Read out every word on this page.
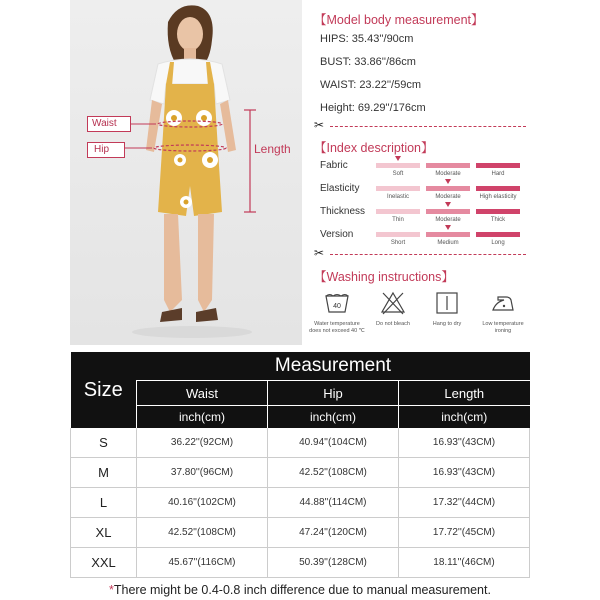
Waist
Hip	Length
【Model body measurement】
HIPS: 35.43''/90cm
BUST: 33.86''/86cm
WAIST: 23.22''/59cm
Height: 69.29''/176cm
✂
【Index description】
Fabric
Soft	Moderate	Hard
Elasticity
Inelastic	Moderate	High elasticity
Thickness
Thin	Moderate	Thick
Version
Short	Medium	Long
✂
【Washing instructions】
40
Water temperature
does not exceed 40 ℃
Do not bleach	Hang to dry	Low temperature
ironing
Size	Measurement		
	Waist	Hip	Length
	inch(cm)	inch(cm)	inch(cm)
S	36.22''(92CM)	40.94''(104CM)	16.93''(43CM)
M	37.80''(96CM)	42.52''(108CM)	16.93''(43CM)
L	40.16''(102CM)	44.88''(114CM)	17.32''(44CM)
XL	42.52''(108CM)	47.24''(120CM)	17.72''(45CM)
XXL	45.67''(116CM)	50.39''(128CM)	18.11''(46CM)
*There might be 0.4-0.8 inch difference due to manual measurement.
